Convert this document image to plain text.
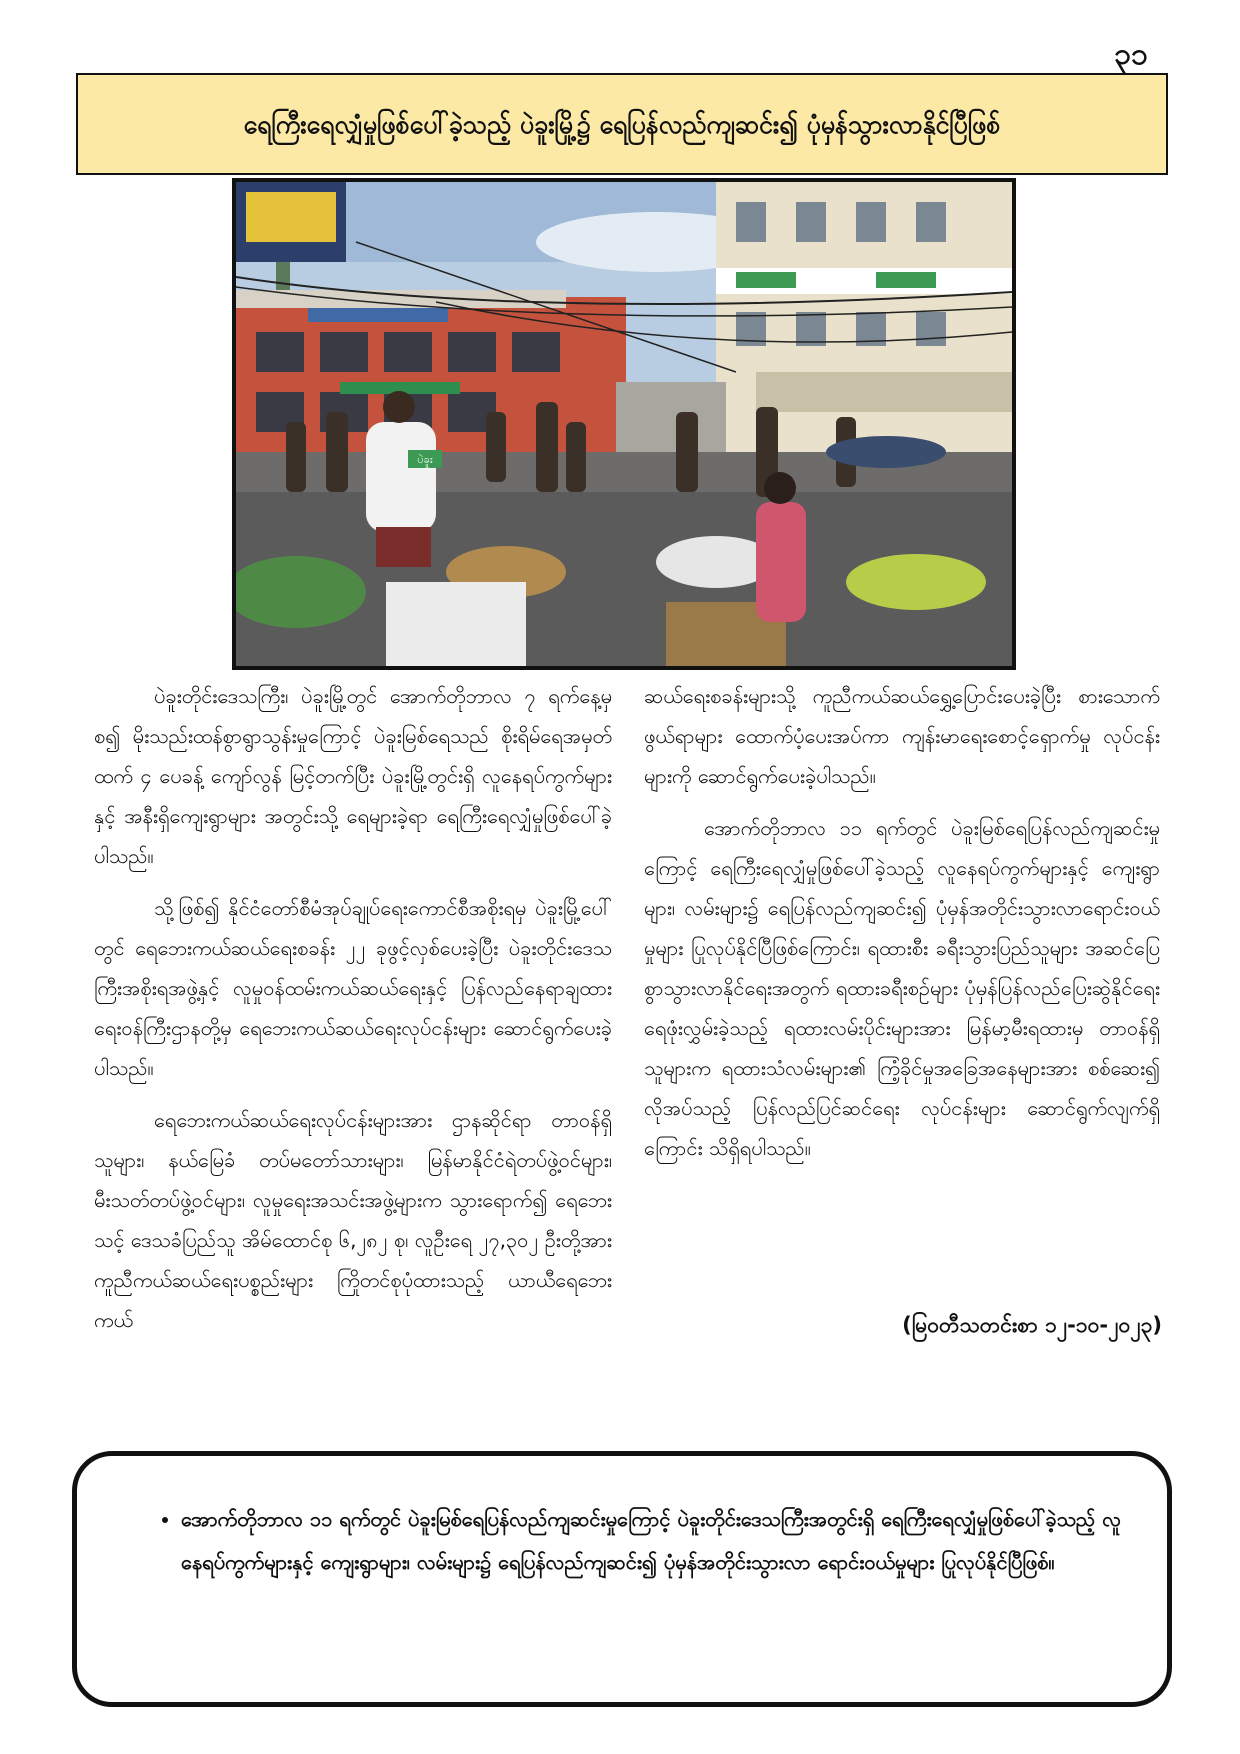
၃၁
ရေကြီးရေလျှံမှုဖြစ်ပေါ်ခဲ့သည့် ပဲခူးမြို့၌ ရေပြန်လည်ကျဆင်း၍ ပုံမှန်သွားလာနိုင်ပြီဖြစ်
ပဲခူး

ပဲခူးတိုင်းဒေသကြီး၊ ပဲခူးမြို့တွင် အောက်တိုဘာလ ၇ ရက်နေ့မှစ၍ မိုးသည်းထန်စွာရွာသွန်းမှုကြောင့် ပဲခူးမြစ်ရေသည် စိုးရိမ်ရေအမှတ်ထက် ၄ ပေခန့် ကျော်လွန် မြင့်တက်ပြီး ပဲခူးမြို့တွင်းရှိ လူနေရပ်ကွက်များနှင့် အနီးရှိကျေးရွာများ အတွင်းသို့ ရေများခဲ့ရာ ရေကြီးရေလျှံမှုဖြစ်ပေါ်ခဲ့ပါသည်။

သို့ဖြစ်၍ နိုင်ငံတော်စီမံအုပ်ချုပ်ရေးကောင်စီအစိုးရမှ ပဲခူးမြို့ပေါ်တွင် ရေဘေးကယ်ဆယ်ရေးစခန်း ၂၂ ခုဖွင့်လှစ်ပေးခဲ့ပြီး ပဲခူးတိုင်းဒေသကြီးအစိုးရအဖွဲ့နှင့် လူမှုဝန်ထမ်းကယ်ဆယ်ရေးနှင့် ပြန်လည်နေရာချထားရေးဝန်ကြီးဌာနတို့မှ ရေဘေးကယ်ဆယ်ရေးလုပ်ငန်းများ ဆောင်ရွက်ပေးခဲ့ပါသည်။

ရေဘေးကယ်ဆယ်ရေးလုပ်ငန်းများအား ဌာနဆိုင်ရာ တာဝန်ရှိသူများ၊ နယ်မြေခံ တပ်မတော်သားများ၊ မြန်မာနိုင်ငံရဲတပ်ဖွဲ့ဝင်များ၊ မီးသတ်တပ်ဖွဲ့ဝင်များ၊ လူမှုရေးအသင်းအဖွဲ့များက သွားရောက်၍ ရေဘေးသင့် ဒေသခံပြည်သူ အိမ်ထောင်စု ၆,၂၈၂ စု၊ လူဦးရေ ၂၇,၃၀၂ ဦးတို့အား ကူညီကယ်ဆယ်ရေးပစ္စည်းများ ကြိုတင်စုပုံထားသည့် ယာယီရေဘေးကယ်

ဆယ်ရေးစခန်းများသို့ ကူညီကယ်ဆယ်ရွှေ့ပြောင်းပေးခဲ့ပြီး စားသောက်ဖွယ်ရာများ ထောက်ပံ့ပေးအပ်ကာ ကျန်းမာရေးစောင့်ရှောက်မှု လုပ်ငန်းများကို ဆောင်ရွက်ပေးခဲ့ပါသည်။

အောက်တိုဘာလ ၁၁ ရက်တွင် ပဲခူးမြစ်ရေပြန်လည်ကျဆင်းမှုကြောင့် ရေကြီးရေလျှံမှုဖြစ်ပေါ်ခဲ့သည့် လူနေရပ်ကွက်များနှင့် ကျေးရွာများ၊ လမ်းများ၌ ရေပြန်လည်ကျဆင်း၍ ပုံမှန်အတိုင်းသွားလာရောင်းဝယ်မှုများ ပြုလုပ်နိုင်ပြီဖြစ်ကြောင်း၊ ရထားစီး ခရီးသွားပြည်သူများ အဆင်ပြေစွာသွားလာနိုင်ရေးအတွက် ရထားခရီးစဉ်များ ပုံမှန်ပြန်လည်ပြေးဆွဲနိုင်ရေး ရေဖုံးလွှမ်းခဲ့သည့် ရထားလမ်းပိုင်းများအား မြန်မာ့မီးရထားမှ တာဝန်ရှိသူများက ရထားသံလမ်းများ၏ ကြံ့ခိုင်မှုအခြေအနေများအား စစ်ဆေး၍ လိုအပ်သည့် ပြန်လည်ပြင်ဆင်ရေး လုပ်ငန်းများ ဆောင်ရွက်လျက်ရှိကြောင်း သိရှိရပါသည်။

(မြဝတီသတင်းစာ ၁၂-၁၀-၂၀၂၃)
• အောက်တိုဘာလ ၁၁ ရက်တွင် ပဲခူးမြစ်ရေပြန်လည်ကျဆင်းမှုကြောင့် ပဲခူးတိုင်းဒေသကြီးအတွင်းရှိ ရေကြီးရေလျှံမှုဖြစ်ပေါ်ခဲ့သည့် လူနေရပ်ကွက်များနှင့် ကျေးရွာများ၊ လမ်းများ၌ ရေပြန်လည်ကျဆင်း၍ ပုံမှန်အတိုင်းသွားလာ ရောင်းဝယ်မှုများ ပြုလုပ်နိုင်ပြီဖြစ်။
